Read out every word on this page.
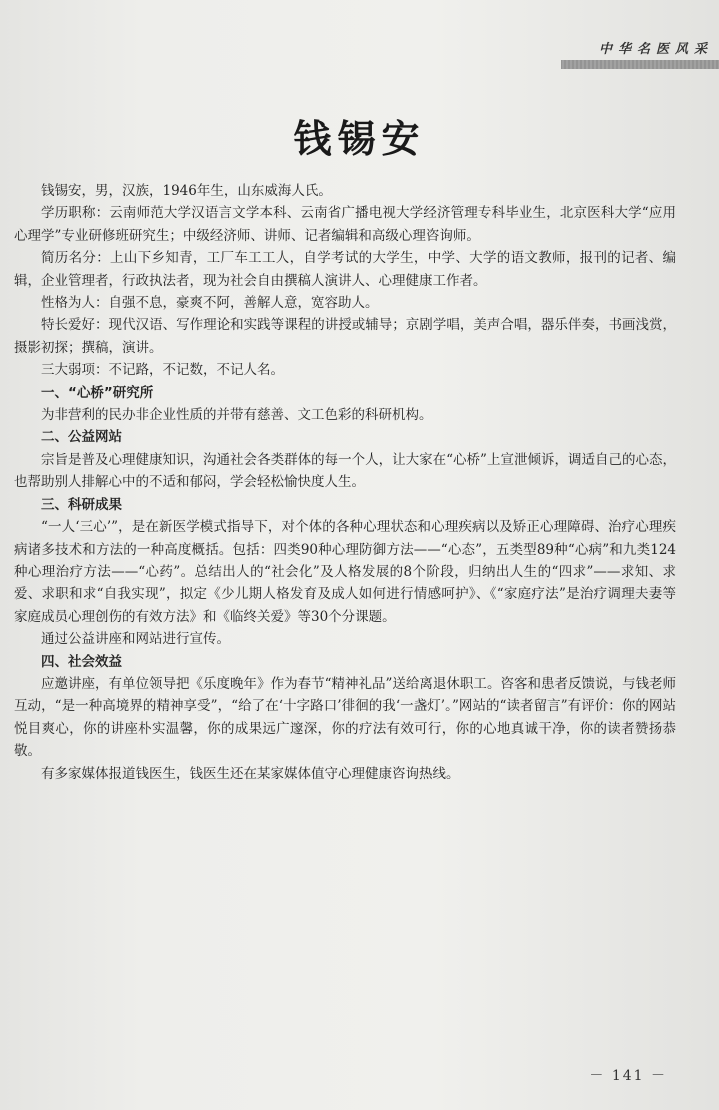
中华名医风采
钱锡安

钱锡安，男，汉族，1946年生，山东威海人氏。

学历职称：云南师范大学汉语言文学本科、云南省广播电视大学经济管理专科毕业生，北京医科大学“应用心理学”专业研修班研究生；中级经济师、讲师、记者编辑和高级心理咨询师。

简历名分：上山下乡知青，工厂车工工人，自学考试的大学生，中学、大学的语文教师，报刊的记者、编辑，企业管理者，行政执法者，现为社会自由撰稿人演讲人、心理健康工作者。

性格为人：自强不息，豪爽不阿，善解人意，宽容助人。

特长爱好：现代汉语、写作理论和实践等课程的讲授或辅导；京剧学唱，美声合唱，器乐伴奏，书画浅赏，摄影初探；撰稿，演讲。

三大弱项：不记路，不记数，不记人名。

一、“心桥”研究所

为非营利的民办非企业性质的并带有慈善、文工色彩的科研机构。

二、公益网站

宗旨是普及心理健康知识，沟通社会各类群体的每一个人，让大家在“心桥”上宣泄倾诉，调适自己的心态，也帮助别人排解心中的不适和郁闷，学会轻松愉快度人生。

三、科研成果

“一人‘三心’”，是在新医学模式指导下，对个体的各种心理状态和心理疾病以及矫正心理障碍、治疗心理疾病诸多技术和方法的一种高度概括。包括：四类90种心理防御方法——“心态”，五类型89种“心病”和九类124种心理治疗方法——“心药”。总结出人的“社会化”及人格发展的8个阶段，归纳出人生的“四求”——求知、求爱、求职和求“自我实现”，拟定《少儿期人格发育及成人如何进行情感呵护》、《“家庭疗法”是治疗调理夫妻等家庭成员心理创伤的有效方法》和《临终关爱》等30个分课题。

通过公益讲座和网站进行宣传。

四、社会效益

应邀讲座，有单位领导把《乐度晚年》作为春节“精神礼品”送给离退休职工。咨客和患者反馈说，与钱老师互动，“是一种高境界的精神享受”，“给了在‘十字路口’徘徊的我‘一盏灯’。”网站的“读者留言”有评价：你的网站悦目爽心，你的讲座朴实温馨，你的成果远广邃深，你的疗法有效可行，你的心地真诚干净，你的读者赞扬恭敬。

有多家媒体报道钱医生，钱医生还在某家媒体值守心理健康咨询热线。

－ 141 －
